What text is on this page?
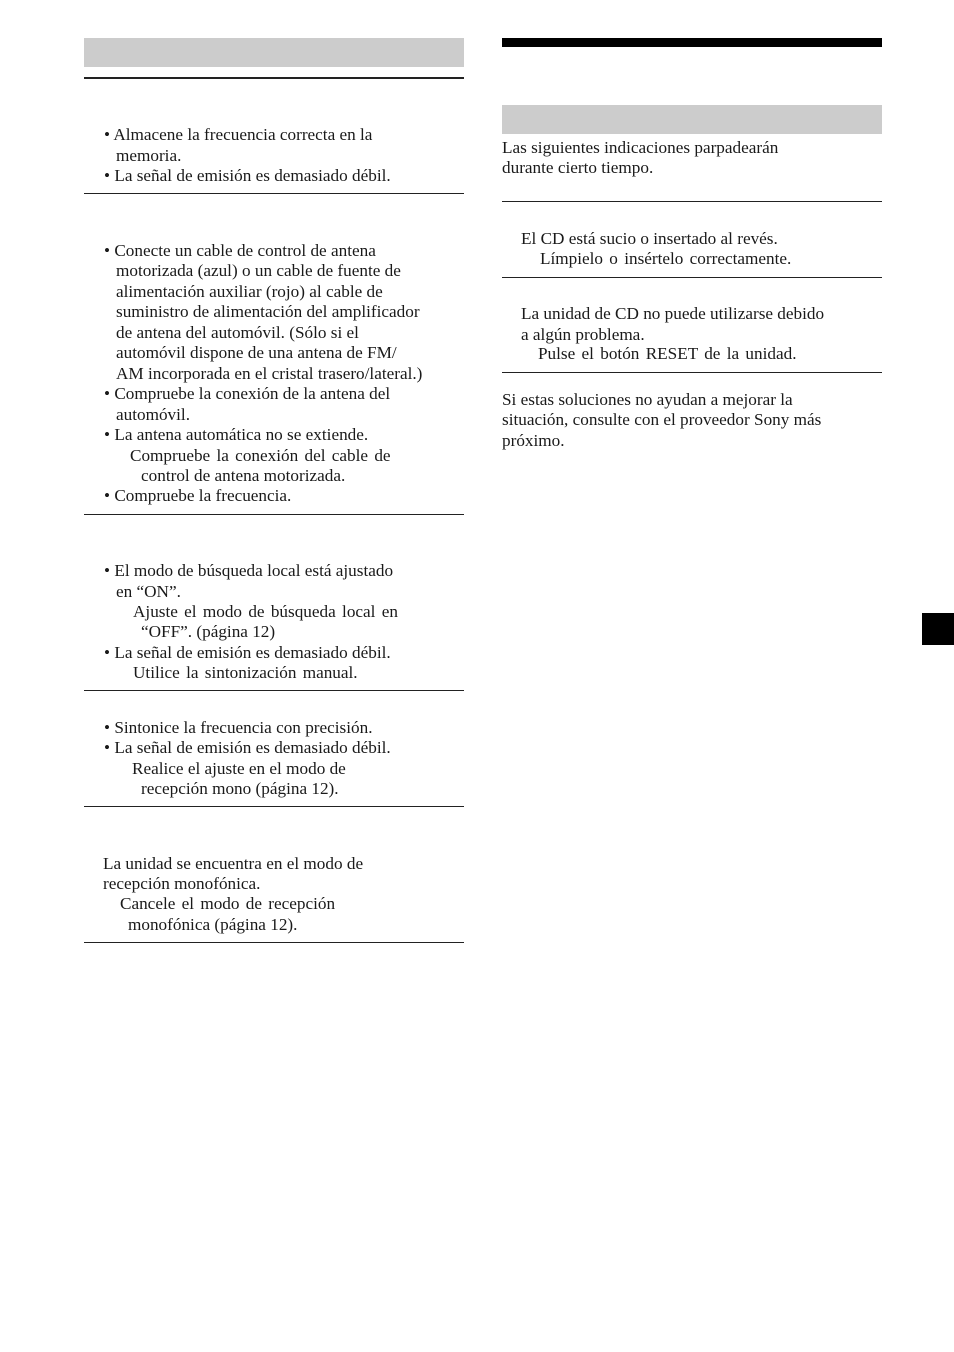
• Almacene la frecuencia correcta en la
memoria.
• La señal de emisión es demasiado débil.
• Conecte un cable de control de antena
motorizada (azul) o un cable de fuente de
alimentación auxiliar (rojo) al cable de
suministro de alimentación del amplificador
de antena del automóvil. (Sólo si el
automóvil dispone de una antena de FM/
AM incorporada en el cristal trasero/lateral.)
• Compruebe la conexión de la antena del
automóvil.
• La antena automática no se extiende.
Compruebe la conexión del cable de
control de antena motorizada.
• Compruebe la frecuencia.
• El modo de búsqueda local está ajustado
en “ON”.
Ajuste el modo de búsqueda local en
“OFF”. (página 12)
• La señal de emisión es demasiado débil.
Utilice la sintonización manual.
• Sintonice la frecuencia con precisión.
• La señal de emisión es demasiado débil.
Realice el ajuste en el modo de
recepción mono (página 12).
La unidad se encuentra en el modo de
recepción monofónica.
Cancele el modo de recepción
monofónica (página 12).
Las siguientes indicaciones parpadearán
durante cierto tiempo.
El CD está sucio o insertado al revés.
Límpielo o insértelo correctamente.
La unidad de CD no puede utilizarse debido
a algún problema.
Pulse el botón RESET de la unidad.
Si estas soluciones no ayudan a mejorar la
situación, consulte con el proveedor Sony más
próximo.
